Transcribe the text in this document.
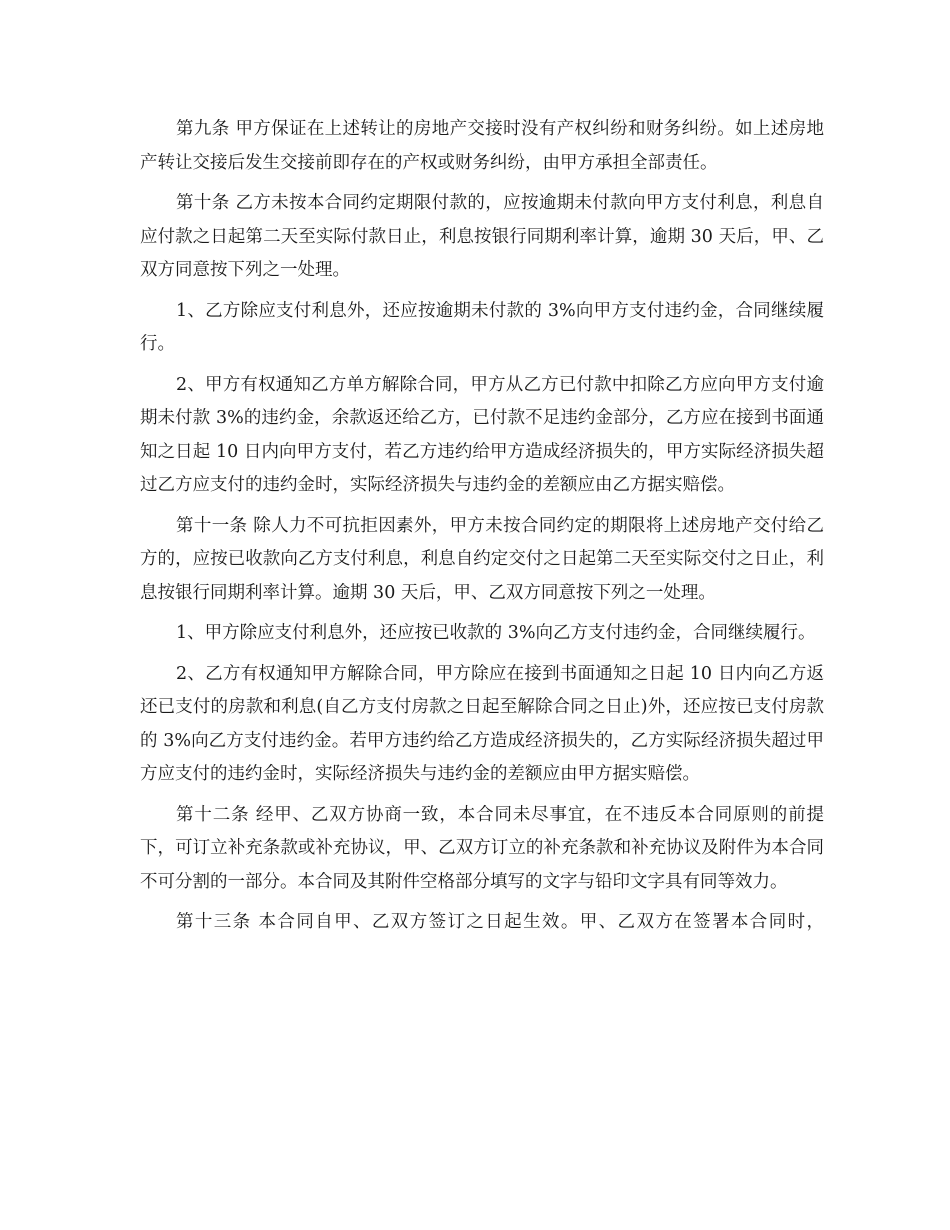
第九条 甲方保证在上述转让的房地产交接时没有产权纠纷和财务纠纷。如上述房地产转让交接后发生交接前即存在的产权或财务纠纷，由甲方承担全部责任。

第十条 乙方未按本合同约定期限付款的，应按逾期未付款向甲方支付利息，利息自应付款之日起第二天至实际付款日止，利息按银行同期利率计算，逾期 30 天后，甲、乙双方同意按下列之一处理。

1、乙方除应支付利息外，还应按逾期未付款的 3%向甲方支付违约金，合同继续履行。

2、甲方有权通知乙方单方解除合同，甲方从乙方已付款中扣除乙方应向甲方支付逾期未付款 3%的违约金，余款返还给乙方，已付款不足违约金部分，乙方应在接到书面通知之日起 10 日内向甲方支付，若乙方违约给甲方造成经济损失的，甲方实际经济损失超过乙方应支付的违约金时，实际经济损失与违约金的差额应由乙方据实赔偿。

第十一条 除人力不可抗拒因素外，甲方未按合同约定的期限将上述房地产交付给乙方的，应按已收款向乙方支付利息，利息自约定交付之日起第二天至实际交付之日止，利息按银行同期利率计算。逾期 30 天后，甲、乙双方同意按下列之一处理。

1、甲方除应支付利息外，还应按已收款的 3%向乙方支付违约金，合同继续履行。

2、乙方有权通知甲方解除合同，甲方除应在接到书面通知之日起 10 日内向乙方返还已支付的房款和利息(自乙方支付房款之日起至解除合同之日止)外，还应按已支付房款的 3%向乙方支付违约金。若甲方违约给乙方造成经济损失的，乙方实际经济损失超过甲方应支付的违约金时，实际经济损失与违约金的差额应由甲方据实赔偿。

第十二条 经甲、乙双方协商一致，本合同未尽事宜，在不违反本合同原则的前提下，可订立补充条款或补充协议，甲、乙双方订立的补充条款和补充协议及附件为本合同不可分割的一部分。本合同及其附件空格部分填写的文字与铅印文字具有同等效力。

第十三条 本合同自甲、乙双方签订之日起生效。甲、乙双方在签署本合同时，
